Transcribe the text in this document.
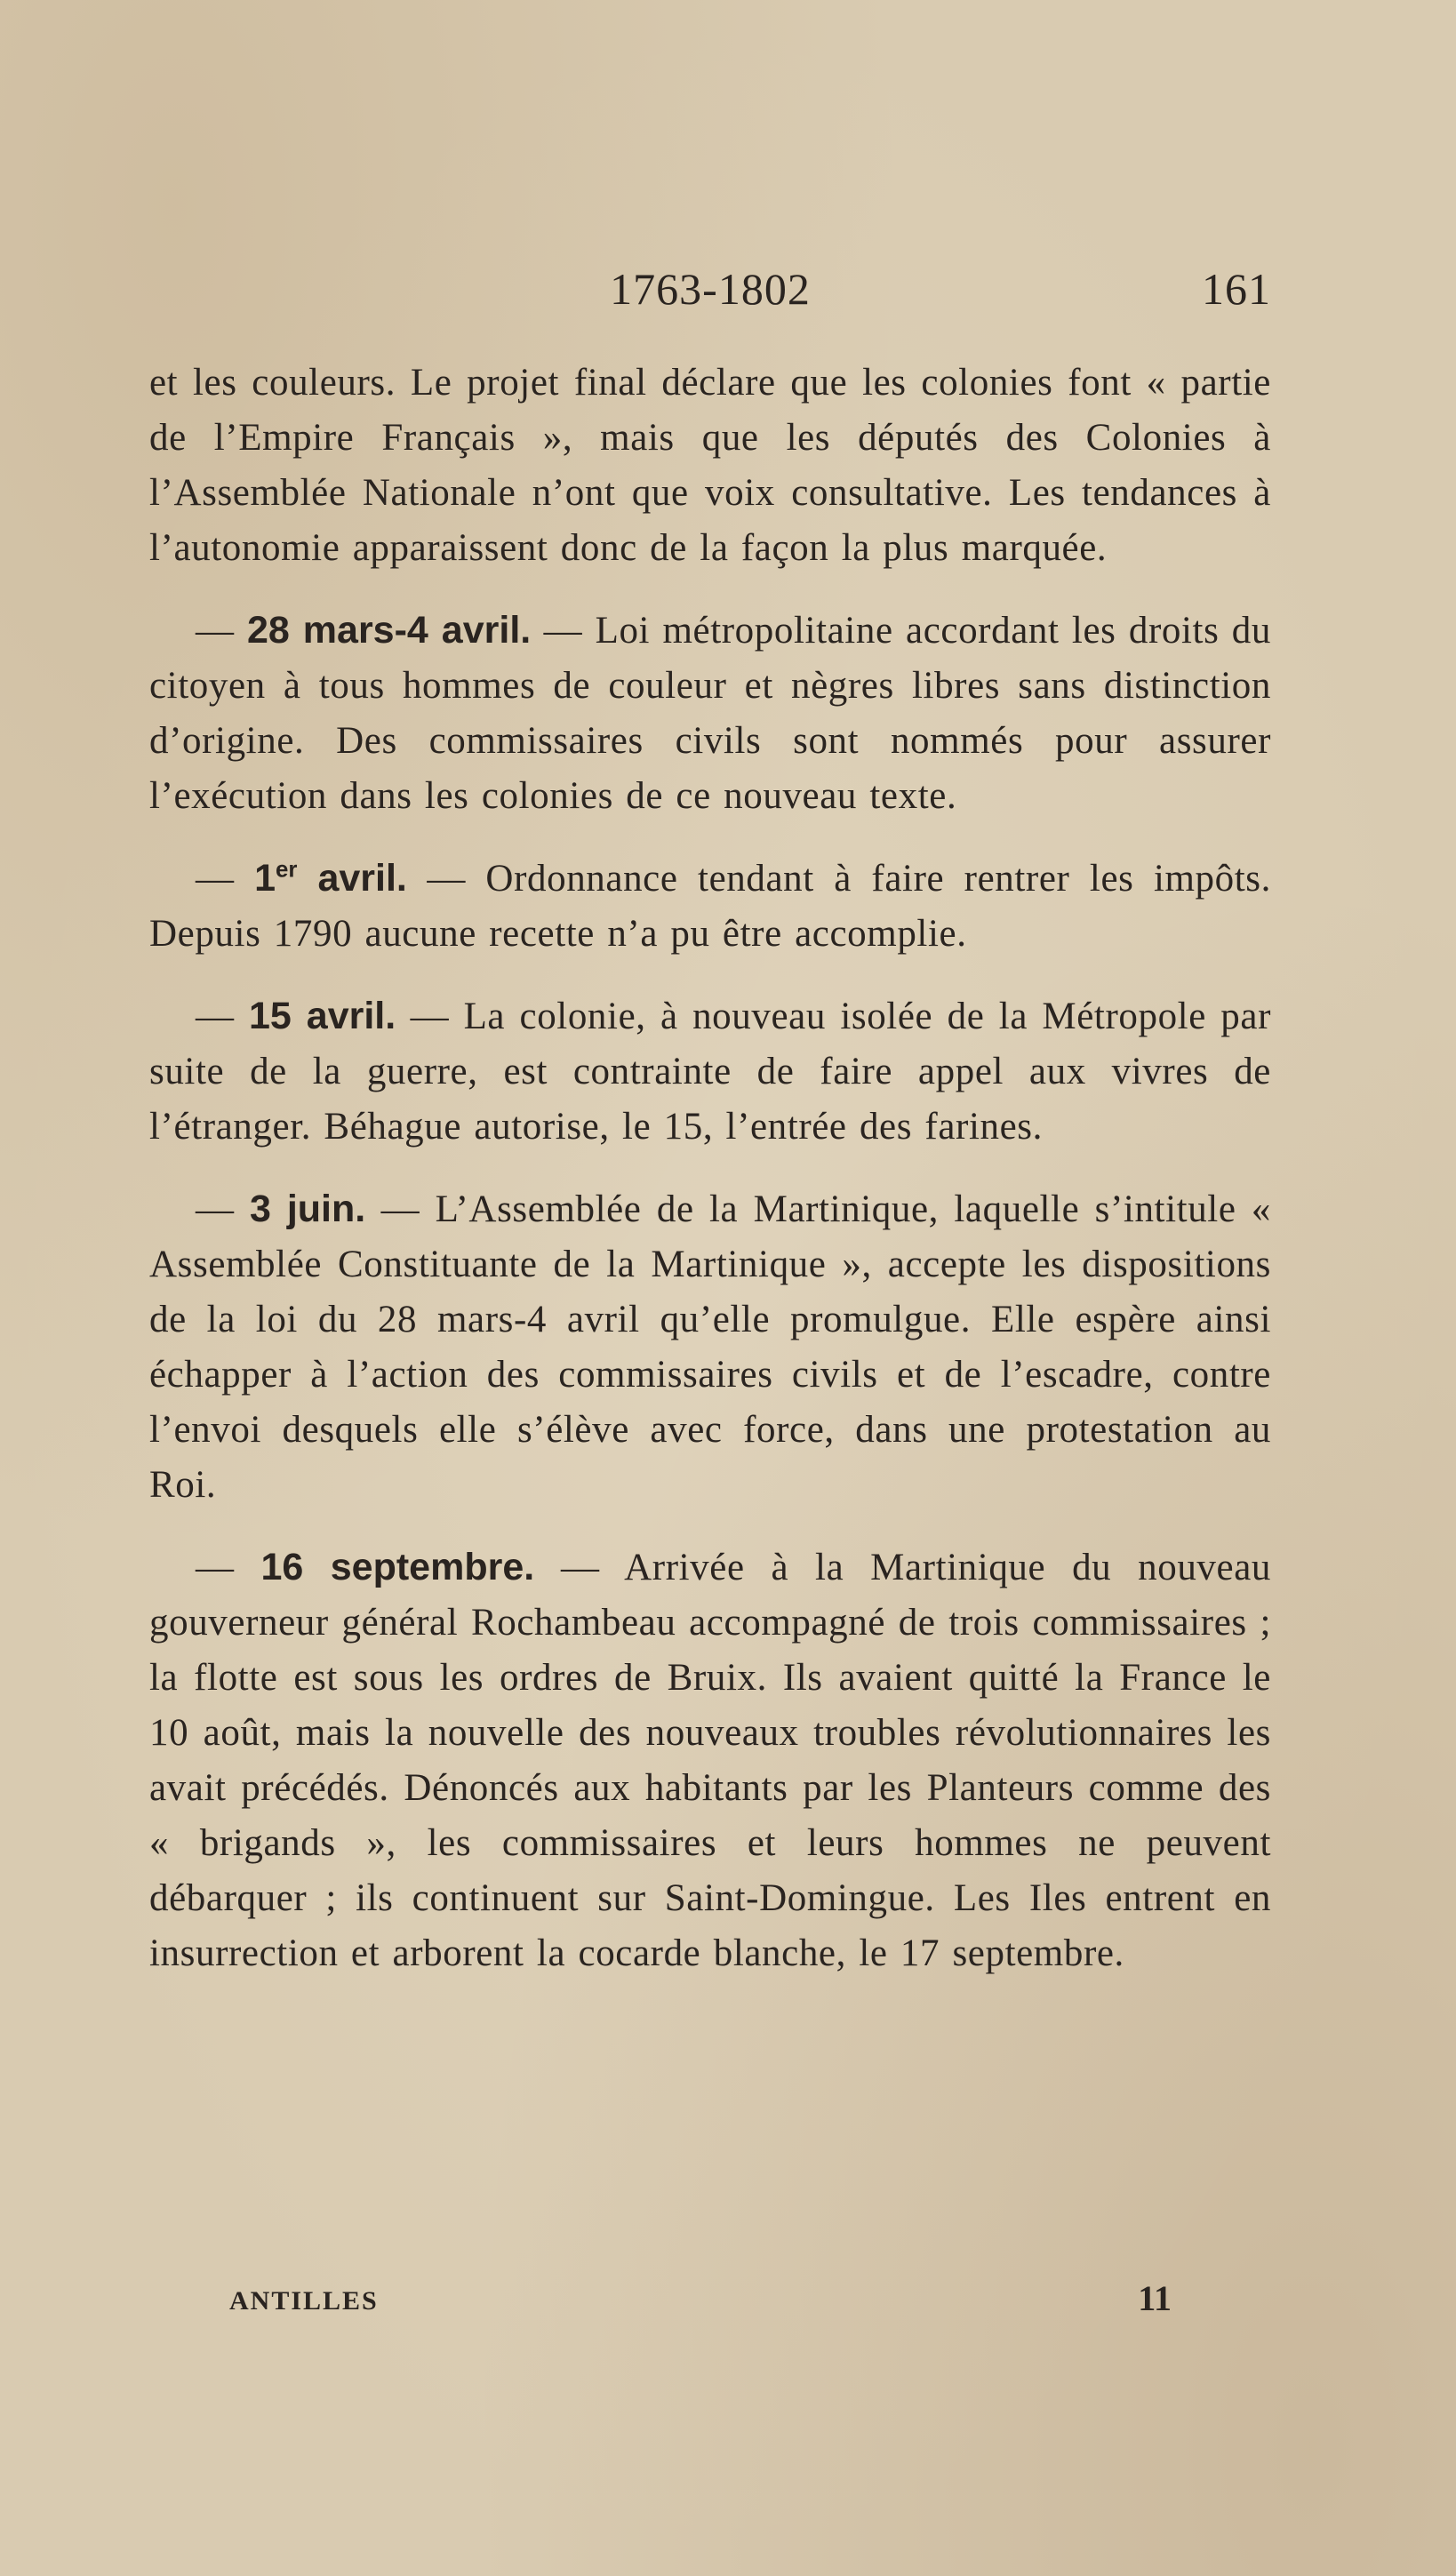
1763-1802	161

et les couleurs. Le projet final déclare que les colonies font « partie de l’Empire Français », mais que les députés des Colonies à l’Assemblée Nationale n’ont que voix consultative. Les tendances à l’autonomie apparaissent donc de la façon la plus marquée.

— 28 mars-4 avril. — Loi métropolitaine accordant les droits du citoyen à tous hommes de couleur et nègres libres sans distinction d’origine. Des commissaires civils sont nommés pour assurer l’exécution dans les colonies de ce nouveau texte.

— 1er avril. — Ordonnance tendant à faire rentrer les impôts. Depuis 1790 aucune recette n’a pu être accomplie.

— 15 avril. — La colonie, à nouveau isolée de la Métropole par suite de la guerre, est contrainte de faire appel aux vivres de l’étranger. Béhague autorise, le 15, l’entrée des farines.

— 3 juin. — L’Assemblée de la Martinique, laquelle s’intitule « Assemblée Constituante de la Martinique », accepte les dispositions de la loi du 28 mars-4 avril qu’elle promulgue. Elle espère ainsi échapper à l’action des commissaires civils et de l’escadre, contre l’envoi desquels elle s’élève avec force, dans une protestation au Roi.

— 16 septembre. — Arrivée à la Martinique du nouveau gouverneur général Rochambeau accompagné de trois commissaires ; la flotte est sous les ordres de Bruix. Ils avaient quitté la France le 10 août, mais la nouvelle des nouveaux troubles révolutionnaires les avait précédés. Dénoncés aux habitants par les Planteurs comme des « brigands », les commissaires et leurs hommes ne peuvent débarquer ; ils continuent sur Saint-Domingue. Les Iles entrent en insurrection et arborent la cocarde blanche, le 17 septembre.

ANTILLES	11
